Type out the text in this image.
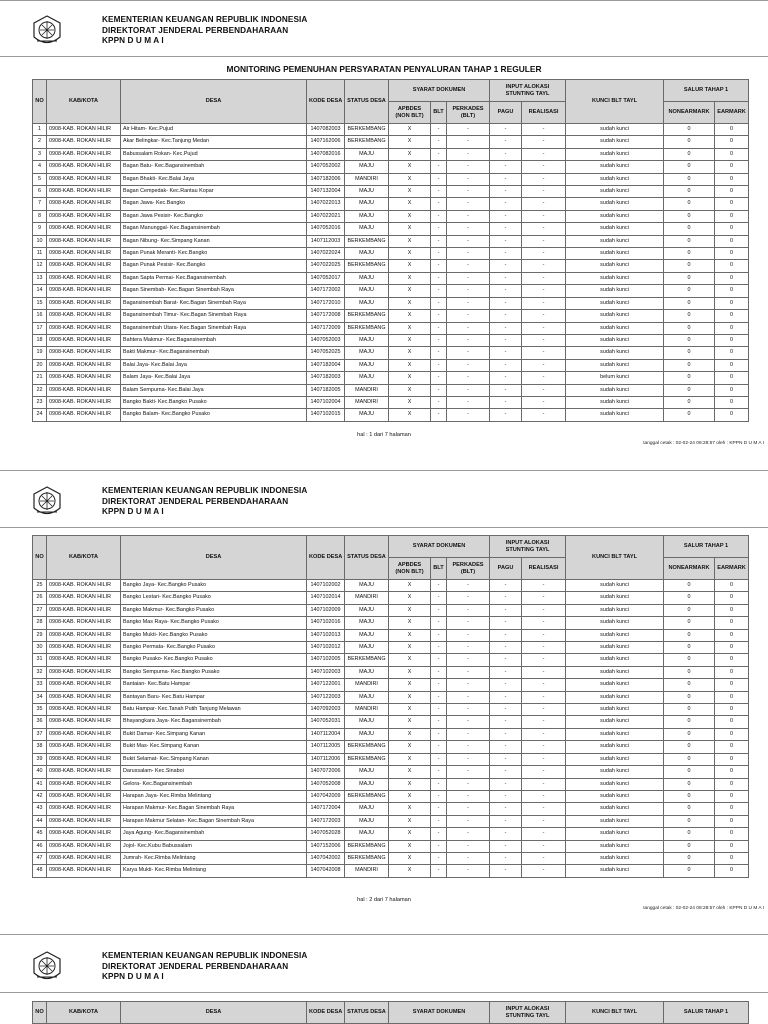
KEMENTERIAN KEUANGAN REPUBLIK INDONESIA
DIREKTORAT JENDERAL PERBENDAHARAAN
KPPN D U M A I
MONITORING PEMENUHAN PERSYARATAN PENYALURAN TAHAP 1 REGULER
NO	KAB/KOTA	DESA	KODE DESA	STATUS DESA	SYARAT DOKUMEN			INPUT ALOKASI STUNTING TAYL		KUNCI BLT TAYL	SALUR TAHAP 1	
					APBDES (NON BLT)	BLT	PERKADES (BLT)	PAGU	REALISASI		NONEARMARK	EARMARK
1	0908-KAB. ROKAN HILIR	Air Hitam- Kec.Pujud	1407082003	BERKEMBANG	X	-	-	-	-	sudah kunci	0	0
2	0908-KAB. ROKAN HILIR	Akar Belingkar- Kec.Tanjung Medan	1407162006	BERKEMBANG	X	-	-	-	-	sudah kunci	0	0
3	0908-KAB. ROKAN HILIR	Babussalam Rokan- Kec.Pujud	1407082016	MAJU	X	-	-	-	-	sudah kunci	0	0
4	0908-KAB. ROKAN HILIR	Bagan Batu- Kec.Bagansinembah	1407052002	MAJU	X	-	-	-	-	sudah kunci	0	0
5	0908-KAB. ROKAN HILIR	Bagan Bhakti- Kec.Balai Jaya	1407182006	MANDIRI	X	-	-	-	-	sudah kunci	0	0
6	0908-KAB. ROKAN HILIR	Bagan Cempedak- Kec.Rantau Kopar	1407132004	MAJU	X	-	-	-	-	sudah kunci	0	0
7	0908-KAB. ROKAN HILIR	Bagan Jawa- Kec.Bangko	1407022013	MAJU	X	-	-	-	-	sudah kunci	0	0
8	0908-KAB. ROKAN HILIR	Bagan Jawa Pesisir- Kec.Bangko	1407022021	MAJU	X	-	-	-	-	sudah kunci	0	0
9	0908-KAB. ROKAN HILIR	Bagan Manunggal- Kec.Bagansinembah	1407052016	MAJU	X	-	-	-	-	sudah kunci	0	0
10	0908-KAB. ROKAN HILIR	Bagan Nibung- Kec.Simpang Kanan	1407112003	BERKEMBANG	X	-	-	-	-	sudah kunci	0	0
11	0908-KAB. ROKAN HILIR	Bagan Punak Meranti- Kec.Bangko	1407022024	MAJU	X	-	-	-	-	sudah kunci	0	0
12	0908-KAB. ROKAN HILIR	Bagan Punak Pesisir- Kec.Bangko	1407022025	BERKEMBANG	X	-	-	-	-	sudah kunci	0	0
13	0908-KAB. ROKAN HILIR	Bagan Sapta Permai- Kec.Bagansinembah	1407052017	MAJU	X	-	-	-	-	sudah kunci	0	0
14	0908-KAB. ROKAN HILIR	Bagan Sinembah- Kec.Bagan Sinembah Raya	1407172002	MAJU	X	-	-	-	-	sudah kunci	0	0
15	0908-KAB. ROKAN HILIR	Bagansinembah Barat- Kec.Bagan Sinembah Raya	1407172010	MAJU	X	-	-	-	-	sudah kunci	0	0
16	0908-KAB. ROKAN HILIR	Bagansinembah Timur- Kec.Bagan Sinembah Raya	1407172008	BERKEMBANG	X	-	-	-	-	sudah kunci	0	0
17	0908-KAB. ROKAN HILIR	Bagansinembah Utara- Kec.Bagan Sinembah Raya	1407172009	BERKEMBANG	X	-	-	-	-	sudah kunci	0	0
18	0908-KAB. ROKAN HILIR	Bahtera Makmur- Kec.Bagansinembah	1407052003	MAJU	X	-	-	-	-	sudah kunci	0	0
19	0908-KAB. ROKAN HILIR	Bakti Makmur- Kec.Bagansinembah	1407052025	MAJU	X	-	-	-	-	sudah kunci	0	0
20	0908-KAB. ROKAN HILIR	Balai Jaya- Kec.Balai Jaya	1407182004	MAJU	X	-	-	-	-	sudah kunci	0	0
21	0908-KAB. ROKAN HILIR	Balam Jaya- Kec.Balai Jaya	1407182003	MAJU	X	-	-	-	-	belum kunci	0	0
22	0908-KAB. ROKAN HILIR	Balam Sempurna- Kec.Balai Jaya	1407182005	MANDIRI	X	-	-	-	-	sudah kunci	0	0
23	0908-KAB. ROKAN HILIR	Bangko Bakti- Kec.Bangko Pusako	1407102004	MANDIRI	X	-	-	-	-	sudah kunci	0	0
24	0908-KAB. ROKAN HILIR	Bangko Balam- Kec.Bangko Pusako	1407102015	MAJU	X	-	-	-	-	sudah kunci	0	0
hal : 1 dari 7 halaman
tanggal cetak : 02-02-24 08:28:57 oleh : KPPN D U M A I
KEMENTERIAN KEUANGAN REPUBLIK INDONESIA
DIREKTORAT JENDERAL PERBENDAHARAAN
KPPN D U M A I
NO	KAB/KOTA	DESA	KODE DESA	STATUS DESA	SYARAT DOKUMEN			INPUT ALOKASI STUNTING TAYL		KUNCI BLT TAYL	SALUR TAHAP 1	
					APBDES (NON BLT)	BLT	PERKADES (BLT)	PAGU	REALISASI		NONEARMARK	EARMARK
25	0908-KAB. ROKAN HILIR	Bangko Jaya- Kec.Bangko Pusako	1407102002	MAJU	X	-	-	-	-	sudah kunci	0	0
26	0908-KAB. ROKAN HILIR	Bangko Lestari- Kec.Bangko Pusako	1407102014	MANDIRI	X	-	-	-	-	sudah kunci	0	0
27	0908-KAB. ROKAN HILIR	Bangko Makmur- Kec.Bangko Pusako	1407102009	MAJU	X	-	-	-	-	sudah kunci	0	0
28	0908-KAB. ROKAN HILIR	Bangko Mas Raya- Kec.Bangko Pusako	1407102016	MAJU	X	-	-	-	-	sudah kunci	0	0
29	0908-KAB. ROKAN HILIR	Bangko Mukti- Kec.Bangko Pusako	1407102013	MAJU	X	-	-	-	-	sudah kunci	0	0
30	0908-KAB. ROKAN HILIR	Bangko Permata- Kec.Bangko Pusako	1407102012	MAJU	X	-	-	-	-	sudah kunci	0	0
31	0908-KAB. ROKAN HILIR	Bangko Pusako- Kec.Bangko Pusako	1407102005	BERKEMBANG	X	-	-	-	-	sudah kunci	0	0
32	0908-KAB. ROKAN HILIR	Bangko Sempurna- Kec.Bangko Pusako	1407102003	MAJU	X	-	-	-	-	sudah kunci	0	0
33	0908-KAB. ROKAN HILIR	Bantaian- Kec.Batu Hampar	1407122001	MANDIRI	X	-	-	-	-	sudah kunci	0	0
34	0908-KAB. ROKAN HILIR	Bantayan Baru- Kec.Batu Hampar	1407122003	MAJU	X	-	-	-	-	sudah kunci	0	0
35	0908-KAB. ROKAN HILIR	Batu Hampar- Kec.Tanah Putih Tanjung Melawan	1407092003	MANDIRI	X	-	-	-	-	sudah kunci	0	0
36	0908-KAB. ROKAN HILIR	Bhayangkara Jaya- Kec.Bagansinembah	1407052031	MAJU	X	-	-	-	-	sudah kunci	0	0
37	0908-KAB. ROKAN HILIR	Bukit Damar- Kec.Simpang Kanan	1407112004	MAJU	X	-	-	-	-	sudah kunci	0	0
38	0908-KAB. ROKAN HILIR	Bukit Mas- Kec.Simpang Kanan	1407112005	BERKEMBANG	X	-	-	-	-	sudah kunci	0	0
39	0908-KAB. ROKAN HILIR	Bukit Selamat- Kec.Simpang Kanan	1407112006	BERKEMBANG	X	-	-	-	-	sudah kunci	0	0
40	0908-KAB. ROKAN HILIR	Darussalam- Kec.Sinaboi	1407072006	MAJU	X	-	-	-	-	sudah kunci	0	0
41	0908-KAB. ROKAN HILIR	Gelora- Kec.Bagansinembah	1407052008	MAJU	X	-	-	-	-	sudah kunci	0	0
42	0908-KAB. ROKAN HILIR	Harapan Jaya- Kec.Rimba Melintang	1407042009	BERKEMBANG	X	-	-	-	-	sudah kunci	0	0
43	0908-KAB. ROKAN HILIR	Harapan Makmur- Kec.Bagan Sinembah Raya	1407172004	MAJU	X	-	-	-	-	sudah kunci	0	0
44	0908-KAB. ROKAN HILIR	Harapan Makmur Selatan- Kec.Bagan Sinembah Raya	1407172003	MAJU	X	-	-	-	-	sudah kunci	0	0
45	0908-KAB. ROKAN HILIR	Jaya Agung- Kec.Bagansinembah	1407052028	MAJU	X	-	-	-	-	sudah kunci	0	0
46	0908-KAB. ROKAN HILIR	Jojol- Kec.Kubu Babussalam	1407152006	BERKEMBANG	X	-	-	-	-	sudah kunci	0	0
47	0908-KAB. ROKAN HILIR	Jumrah- Kec.Rimba Melintang	1407042002	BERKEMBANG	X	-	-	-	-	sudah kunci	0	0
48	0908-KAB. ROKAN HILIR	Karya Mukti- Kec.Rimba Melintang	1407042008	MANDIRI	X	-	-	-	-	sudah kunci	0	0
hal : 2 dari 7 halaman
tanggal cetak : 02-02-24 08:28:57 oleh : KPPN D U M A I
KEMENTERIAN KEUANGAN REPUBLIK INDONESIA
DIREKTORAT JENDERAL PERBENDAHARAAN
KPPN D U M A I
NO	KAB/KOTA	DESA	KODE DESA	STATUS DESA	SYARAT DOKUMEN	INPUT ALOKASI STUNTING TAYL	KUNCI BLT TAYL	SALUR TAHAP 1
